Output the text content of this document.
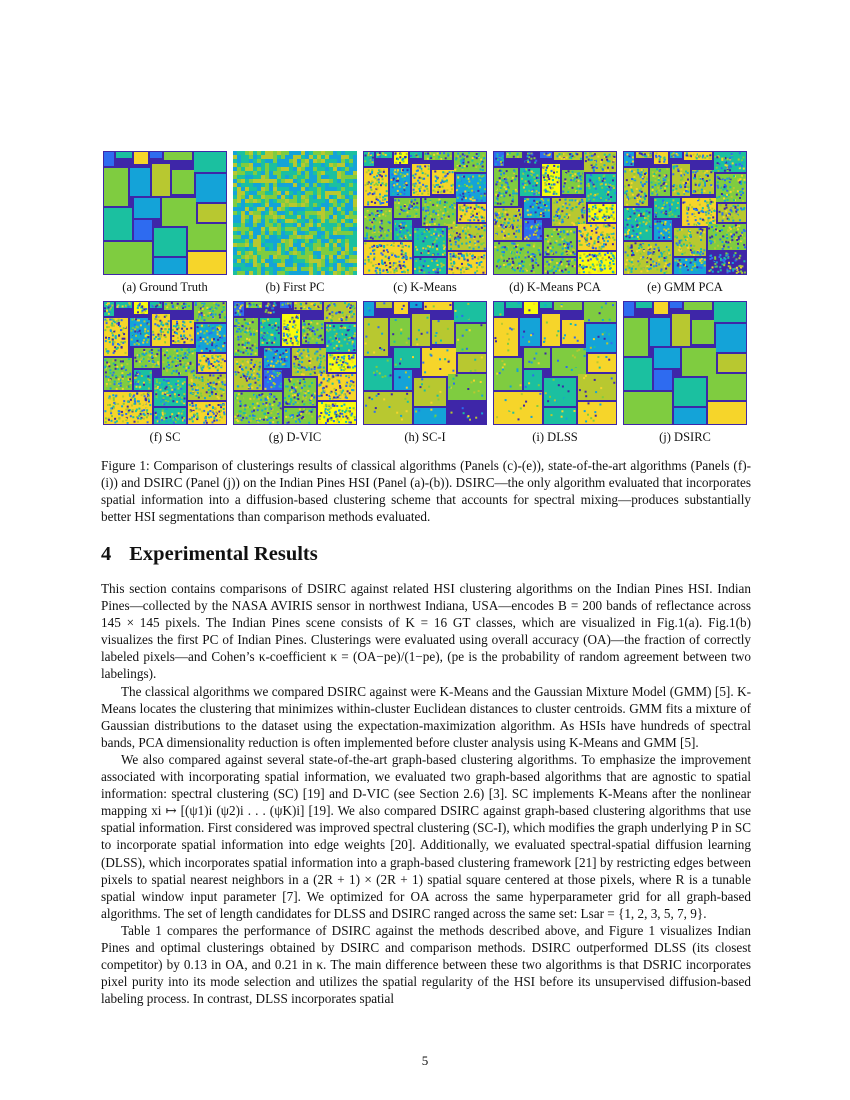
(a) Ground Truth	(b) First PC	(c) K-Means	(d) K-Means PCA	(e) GMM PCA
(f) SC	(g) D-VIC	(h) SC-I	(i) DLSS	(j) DSIRC
Figure 1: Comparison of clusterings results of classical algorithms (Panels (c)-(e)), state-of-the-art algorithms (Panels (f)-(i)) and DSIRC (Panel (j)) on the Indian Pines HSI (Panel (a)-(b)). DSIRC—the only algorithm evaluated that incorporates spatial information into a diffusion-based clustering scheme that accounts for spectral mixing—produces substantially better HSI segmentations than comparison methods evaluated.
4 Experimental Results

This section contains comparisons of DSIRC against related HSI clustering algorithms on the Indian Pines HSI. Indian Pines—collected by the NASA AVIRIS sensor in northwest Indiana, USA—encodes B = 200 bands of reflectance across 145 × 145 pixels. The Indian Pines scene consists of K = 16 GT classes, which are visualized in Fig.1(a). Fig.1(b) visualizes the first PC of Indian Pines. Clusterings were evaluated using overall accuracy (OA)—the fraction of correctly labeled pixels—and Cohen’s κ-coefficient κ = (OA−pe)/(1−pe), (pe is the probability of random agreement between two labelings).

The classical algorithms we compared DSIRC against were K-Means and the Gaussian Mixture Model (GMM) [5]. K-Means locates the clustering that minimizes within-cluster Euclidean distances to cluster centroids. GMM fits a mixture of Gaussian distributions to the dataset using the expectation-maximization algorithm. As HSIs have hundreds of spectral bands, PCA dimensionality reduction is often implemented before cluster analysis using K-Means and GMM [5].

We also compared against several state-of-the-art graph-based clustering algorithms. To emphasize the improvement associated with incorporating spatial information, we evaluated two graph-based algorithms that are agnostic to spatial information: spectral clustering (SC) [19] and D-VIC (see Section 2.6) [3]. SC implements K-Means after the nonlinear mapping xi ↦ [(ψ1)i (ψ2)i . . . (ψK)i] [19]. We also compared DSIRC against graph-based clustering algorithms that use spatial information. First considered was improved spectral clustering (SC-I), which modifies the graph underlying P in SC to incorporate spatial information into edge weights [20]. Additionally, we evaluated spectral-spatial diffusion learning (DLSS), which incorporates spatial information into a graph-based clustering framework [21] by restricting edges between pixels to spatial nearest neighbors in a (2R + 1) × (2R + 1) spatial square centered at those pixels, where R is a tunable spatial window input parameter [7]. We optimized for OA across the same hyperparameter grid for all graph-based algorithms. The set of length candidates for DLSS and DSIRC ranged across the same set: Lsar = {1, 2, 3, 5, 7, 9}.

Table 1 compares the performance of DSIRC against the methods described above, and Figure 1 visualizes Indian Pines and optimal clusterings obtained by DSIRC and comparison methods. DSIRC outperformed DLSS (its closest competitor) by 0.13 in OA, and 0.21 in κ. The main difference between these two algorithms is that DSRIC incorporates pixel purity into its mode selection and utilizes the spatial regularity of the HSI before its unsupervised diffusion-based labeling process. In contrast, DLSS incorporates spatial

5
